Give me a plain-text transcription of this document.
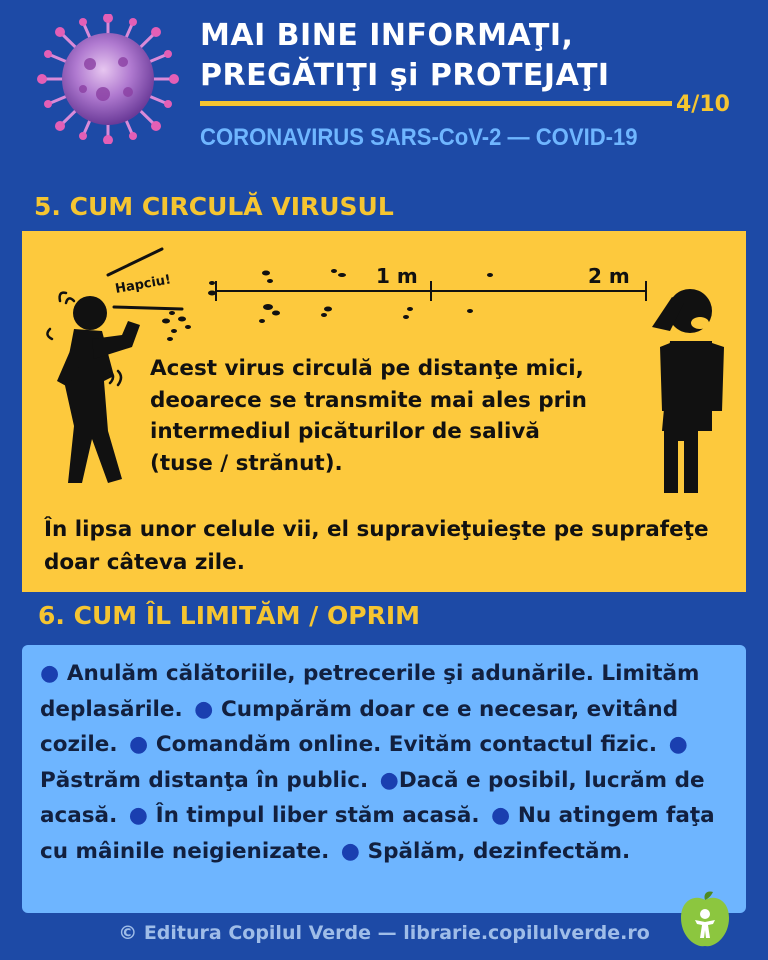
MAI BINE INFORMAŢI,
PREGĂTIŢI şi PROTEJAŢI
4/10
CORONAVIRUS SARS-CoV-2 — COVID-19
5. CUM CIRCULĂ VIRUSUL
Hapciu!	1 m	2 m
Acest virus circulă pe distanţe mici, deoarece se transmite mai ales prin intermediul picăturilor de salivă (tuse / strănut).
În lipsa unor celule vii, el supravieţuieşte pe suprafeţe doar câteva zile.
6. CUM ÎL LIMITĂM / OPRIM
● Anulăm călătoriile, petrecerile şi adunările. Limităm deplasările. ● Cumpărăm doar ce e necesar, evitând cozile. ● Comandăm online. Evităm contactul fizic. ● Păstrăm distanţa în public. ●Dacă e posibil, lucrăm de acasă. ● În timpul liber stăm acasă. ● Nu atingem faţa cu mâinile neigienizate. ● Spălăm, dezinfectăm.
© Editura Copilul Verde — librarie.copilulverde.ro
